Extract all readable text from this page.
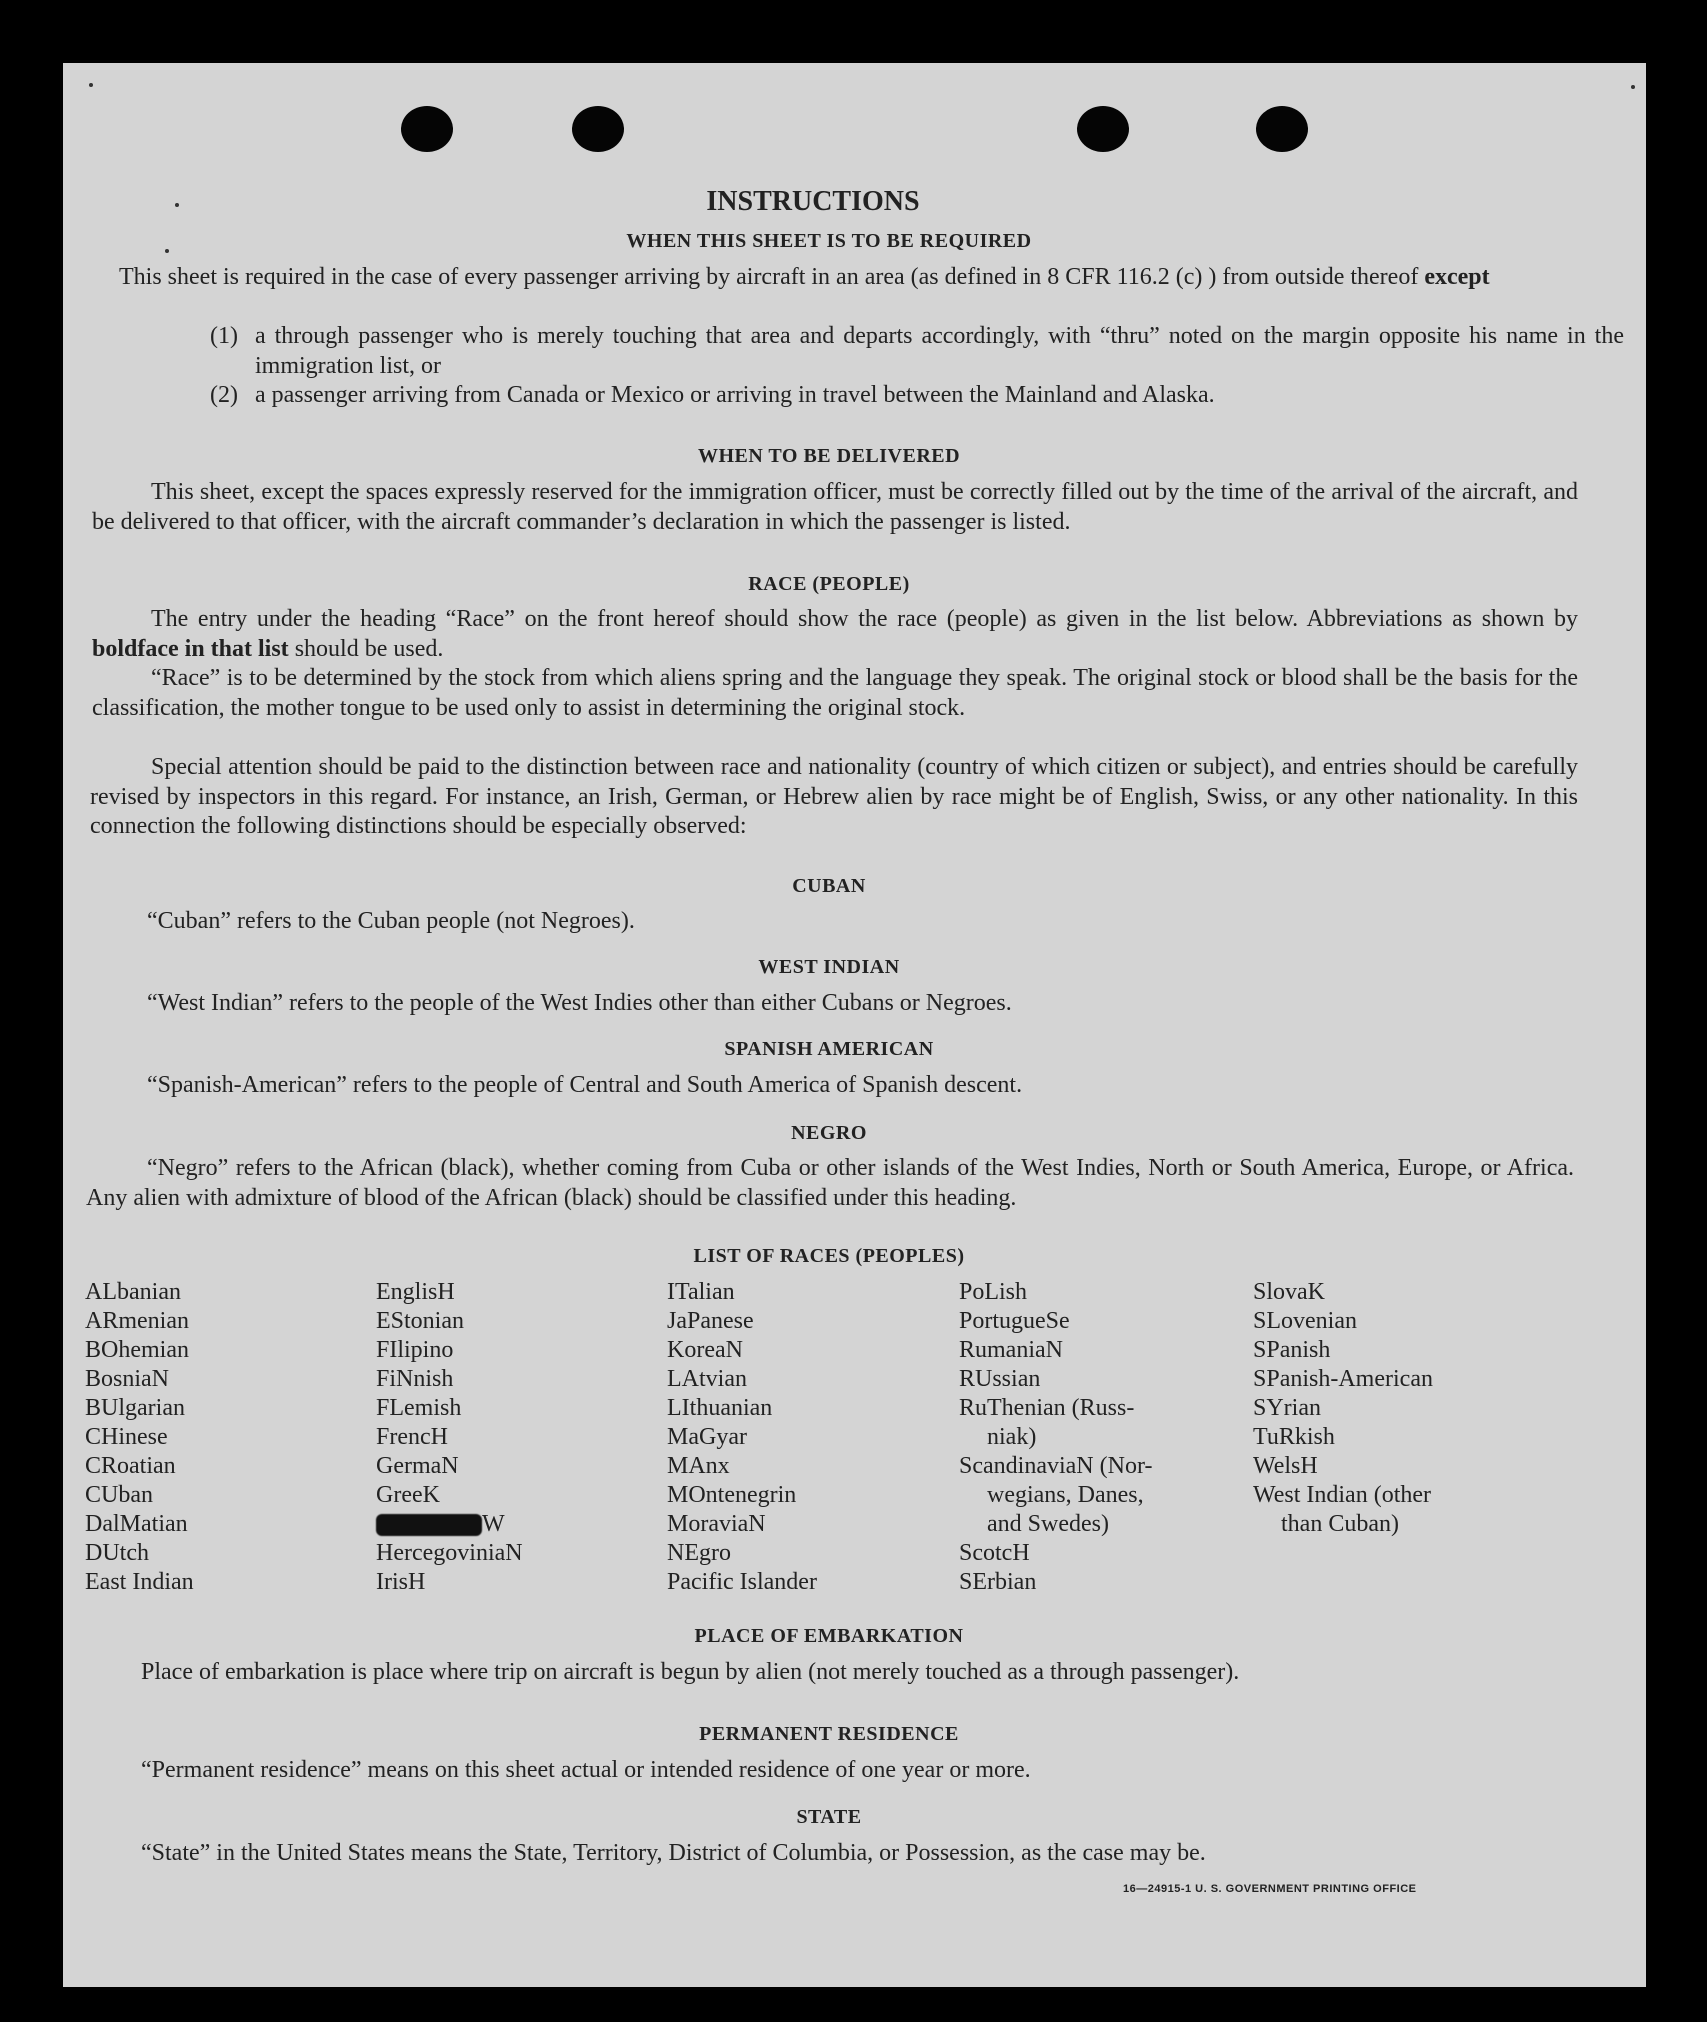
INSTRUCTIONS
WHEN THIS SHEET IS TO BE REQUIRED
This sheet is required in the case of every passenger arriving by aircraft in an area (as defined in 8 CFR 116.2 (c) ) from outside thereof except
(1) a through passenger who is merely touching that area and departs accordingly, with “thru” noted on the margin opposite his name in the immigration list, or
(2) a passenger arriving from Canada or Mexico or arriving in travel between the Mainland and Alaska.
WHEN TO BE DELIVERED
This sheet, except the spaces expressly reserved for the immigration officer, must be correctly filled out by the time of the arrival of the aircraft, and be delivered to that officer, with the aircraft commander’s declaration in which the passenger is listed.
RACE (PEOPLE)
The entry under the heading “Race” on the front hereof should show the race (people) as given in the list below. Abbreviations as shown by boldface in that list should be used.
“Race” is to be determined by the stock from which aliens spring and the language they speak. The original stock or blood shall be the basis for the classification, the mother tongue to be used only to assist in determining the original stock.
Special attention should be paid to the distinction between race and nationality (country of which citizen or subject), and entries should be carefully revised by inspectors in this regard. For instance, an Irish, German, or Hebrew alien by race might be of English, Swiss, or any other nationality. In this connection the following distinctions should be especially observed:
CUBAN
“Cuban” refers to the Cuban people (not Negroes).
WEST INDIAN
“West Indian” refers to the people of the West Indies other than either Cubans or Negroes.
SPANISH AMERICAN
“Spanish-American” refers to the people of Central and South America of Spanish descent.
NEGRO
“Negro” refers to the African (black), whether coming from Cuba or other islands of the West Indies, North or South America, Europe, or Africa. Any alien with admixture of blood of the African (black) should be classified under this heading.
LIST OF RACES (PEOPLES)
ALbanian
ARmenian
BOhemian
BosniaN
BUlgarian
CHinese
CRoatian
CUban
DalMatian
DUtch
East Indian
EnglisH
EStonian
FIlipino
FiNnish
FLemish
FrencH
GermaN
GreeK
W
HercegoviniaN
IrisH
ITalian
JaPanese
KoreaN
LAtvian
LIthuanian
MaGyar
MAnx
MOntenegrin
MoraviaN
NEgro
Pacific Islander
PoLish
PortugueSe
RumaniaN
RUssian
RuThenian (Russ-
niak)
ScandinaviaN (Nor-
wegians, Danes,
and Swedes)
ScotcH
SErbian
SlovaK
SLovenian
SPanish
SPanish-American
SYrian
TuRkish
WelsH
West Indian (other
than Cuban)
PLACE OF EMBARKATION
Place of embarkation is place where trip on aircraft is begun by alien (not merely touched as a through passenger).
PERMANENT RESIDENCE
“Permanent residence” means on this sheet actual or intended residence of one year or more.
STATE
“State” in the United States means the State, Territory, District of Columbia, or Possession, as the case may be.
16—24915-1 U. S. GOVERNMENT PRINTING OFFICE
